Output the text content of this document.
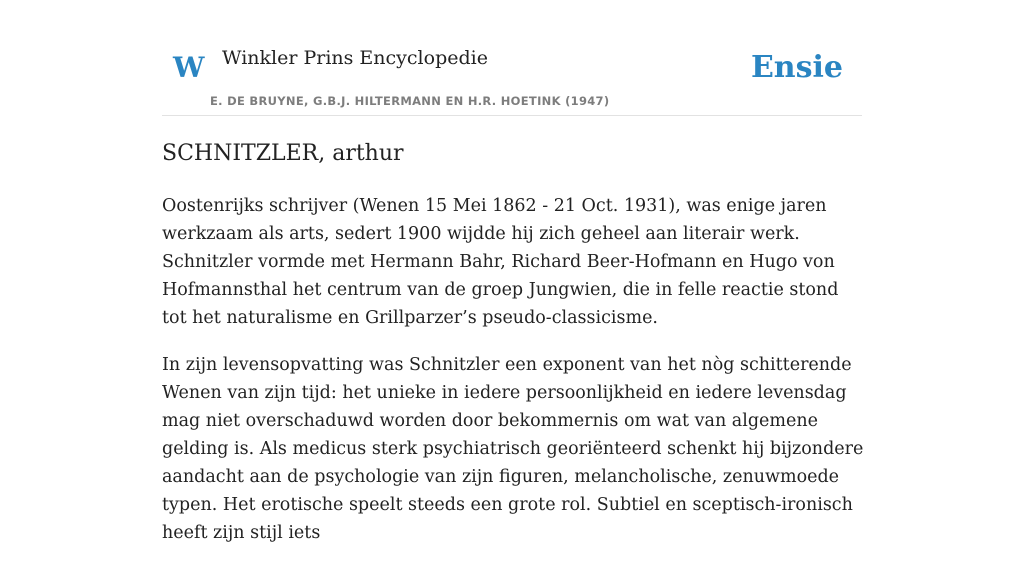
W Winkler Prins Encyclopedie
E. DE BRUYNE, G.B.J. HILTERMANN EN H.R. HOETINK (1947)
Ensie
SCHNITZLER, arthur

Oostenrijks schrijver (Wenen 15 Mei 1862 - 21 Oct. 1931), was enige jaren werkzaam als arts, sedert 1900 wijdde hij zich geheel aan literair werk. Schnitzler vormde met Hermann Bahr, Richard Beer-Hofmann en Hugo von Hofmannsthal het centrum van de groep Jungwien, die in felle reactie stond tot het naturalisme en Grillparzer’s pseudo-classicisme.

In zijn levensopvatting was Schnitzler een exponent van het nòg schitterende Wenen van zijn tijd: het unieke in iedere persoonlijkheid en iedere levensdag mag niet overschaduwd worden door bekommernis om wat van algemene gelding is. Als medicus sterk psychiatrisch georiënteerd schenkt hij bijzondere aandacht aan de psychologie van zijn figuren, melancholische, zenuwmoede typen. Het erotische speelt steeds een grote rol. Subtiel en sceptisch-ironisch heeft zijn stijl iets
